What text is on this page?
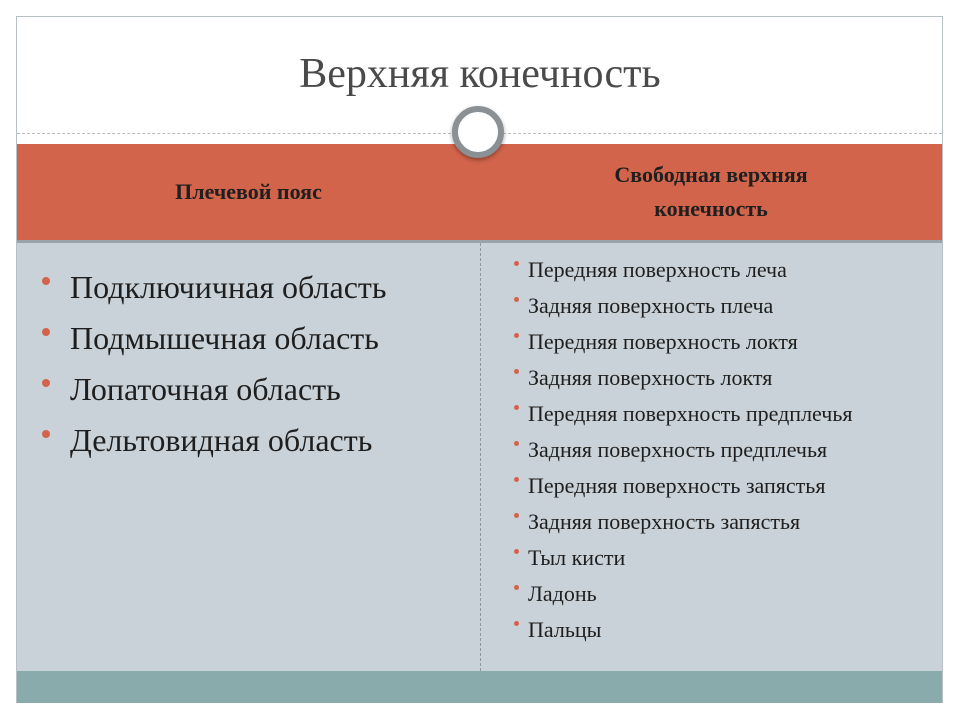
Верхняя конечность
Плечевой пояс
Свободная верхняя
конечность
Подключичная область
Подмышечная область
Лопаточная область
Дельтовидная область
Передняя поверхность леча
Задняя поверхность плеча
Передняя поверхность локтя
Задняя поверхность локтя
Передняя поверхность предплечья
Задняя поверхность предплечья
Передняя поверхность запястья
Задняя поверхность запястья
Тыл кисти
Ладонь
Пальцы
